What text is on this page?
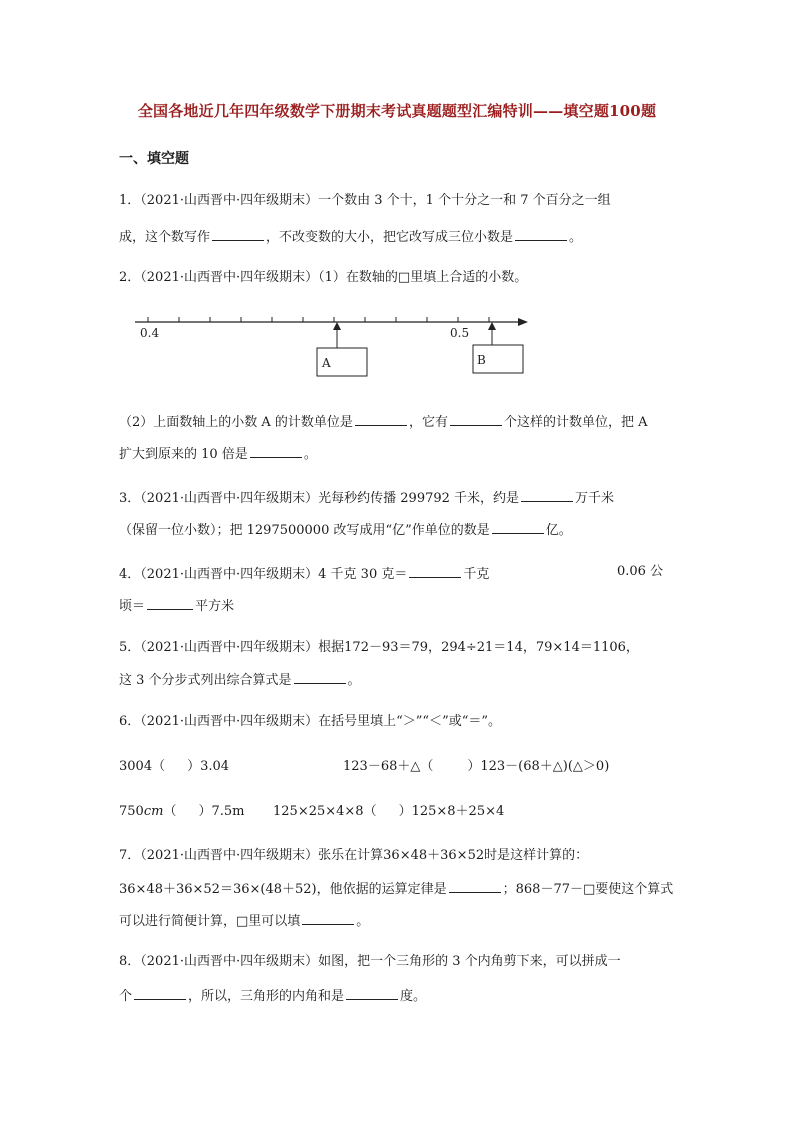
全国各地近几年四年级数学下册期末考试真题题型汇编特训——填空题100题
一、填空题
1．（2021·山西晋中·四年级期末）一个数由 3 个十，1 个十分之一和 7 个百分之一组
成，这个数写作	，不改变数的大小，把它改写成三位小数是	。
2．（2021·山西晋中·四年级期末）（1）在数轴的□里填上合适的小数。
0.4	0.5
A	B
（2）上面数轴上的小数 A 的计数单位是	，它有	个这样的计数单位，把 A
扩大到原来的 10 倍是	。
3．（2021·山西晋中·四年级期末）光每秒约传播 299792 千米，约是	万千米
（保留一位小数）；把 1297500000 改写成用“亿”作单位的数是	亿。
4．（2021·山西晋中·四年级期末）4 千克 30 克＝	千克	0.06 公
顷＝	平方米
5．（2021·山西晋中·四年级期末）根据172－93＝79，294÷21＝14，79×14＝1106，
这 3 个分步式列出综合算式是	。
6．（2021·山西晋中·四年级期末）在括号里填上“＞”“＜”或“＝”。
3004（ ）3.04	123－68＋△（	）123－(68＋△)(△＞0)
750cm（ ）7.5m 125×25×4×8（ ）125×8＋25×4
7．（2021·山西晋中·四年级期末）张乐在计算36×48＋36×52时是这样计算的：
36×48＋36×52＝36×(48＋52)，他依据的运算定律是	；868－77－□要使这个算式
可以进行简便计算，□里可以填	。
8．（2021·山西晋中·四年级期末）如图，把一个三角形的 3 个内角剪下来，可以拼成一
个	，所以，三角形的内角和是	度。
